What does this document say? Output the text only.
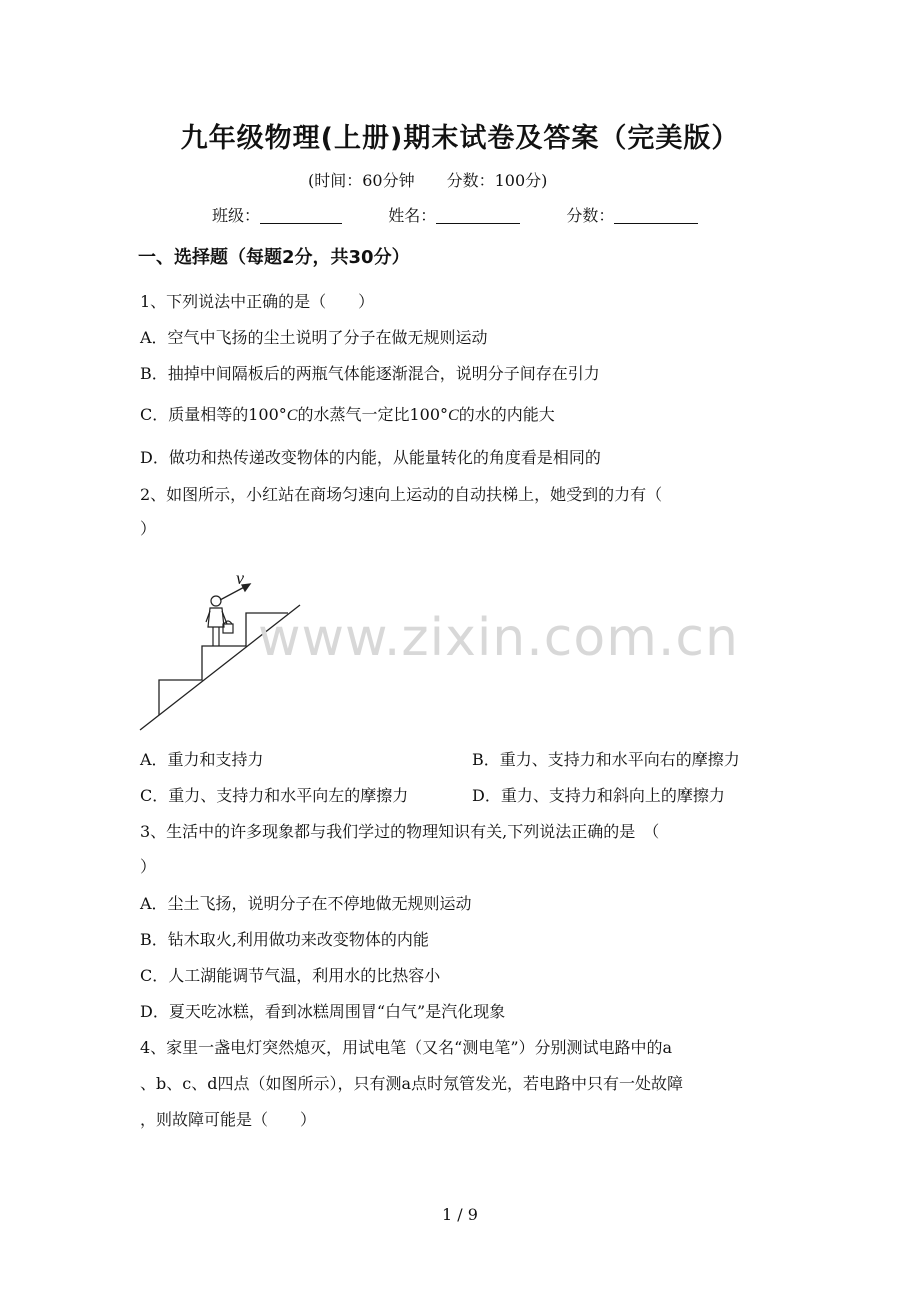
九年级物理(上册)期末试卷及答案（完美版）
(时间：60分钟　　分数：100分)
班级：	姓名：	分数：
一、选择题（每题2分，共30分）
1、下列说法中正确的是（　　）
A．空气中飞扬的尘土说明了分子在做无规则运动
B．抽掉中间隔板后的两瓶气体能逐渐混合，说明分子间存在引力
C．质量相等的100°C的水蒸气一定比100°C的水的内能大
D．做功和热传递改变物体的内能，从能量转化的角度看是相同的
2、如图所示，小红站在商场匀速向上运动的自动扶梯上，她受到的力有（
）
v
www.zixin.com.cn
A．重力和支持力	B．重力、支持力和水平向右的摩擦力
C．重力、支持力和水平向左的摩擦力	D．重力、支持力和斜向上的摩擦力
3、生活中的许多现象都与我们学过的物理知识有关,下列说法正确的是　（
）
A．尘土飞扬，说明分子在不停地做无规则运动
B．钻木取火,利用做功来改变物体的内能
C．人工湖能调节气温，利用水的比热容小
D．夏天吃冰糕，看到冰糕周围冒“白气”是汽化现象
4、家里一盏电灯突然熄灭，用试电笔（又名“测电笔”）分别测试电路中的a
、b、c、d四点（如图所示），只有测a点时氖管发光，若电路中只有一处故障
，则故障可能是（　　）
1 / 9
